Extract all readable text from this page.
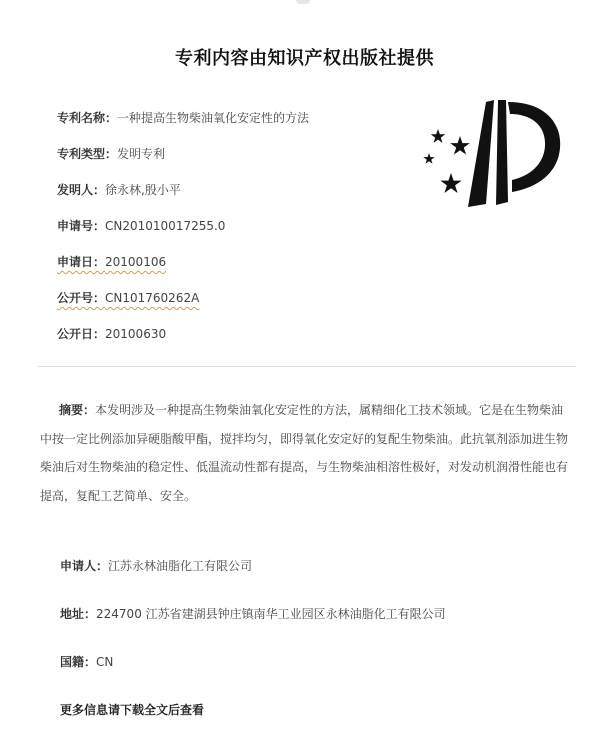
专利内容由知识产权出版社提供
专利名称：一种提高生物柴油氧化安定性的方法
专利类型：发明专利
发明人：徐永林,殷小平
申请号：CN201010017255.0
申请日：20100106
公开号：CN101760262A
公开日：20100630
摘要：本发明涉及一种提高生物柴油氧化安定性的方法，属精细化工技术领域。它是在生物柴油中按一定比例添加异硬脂酸甲酯，搅拌均匀，即得氧化安定好的复配生物柴油。此抗氧剂添加进生物柴油后对生物柴油的稳定性、低温流动性都有提高，与生物柴油相溶性极好，对发动机润滑性能也有提高，复配工艺简单、安全。
申请人：江苏永林油脂化工有限公司
地址：224700 江苏省建湖县钟庄镇南华工业园区永林油脂化工有限公司
国籍：CN
更多信息请下载全文后查看
